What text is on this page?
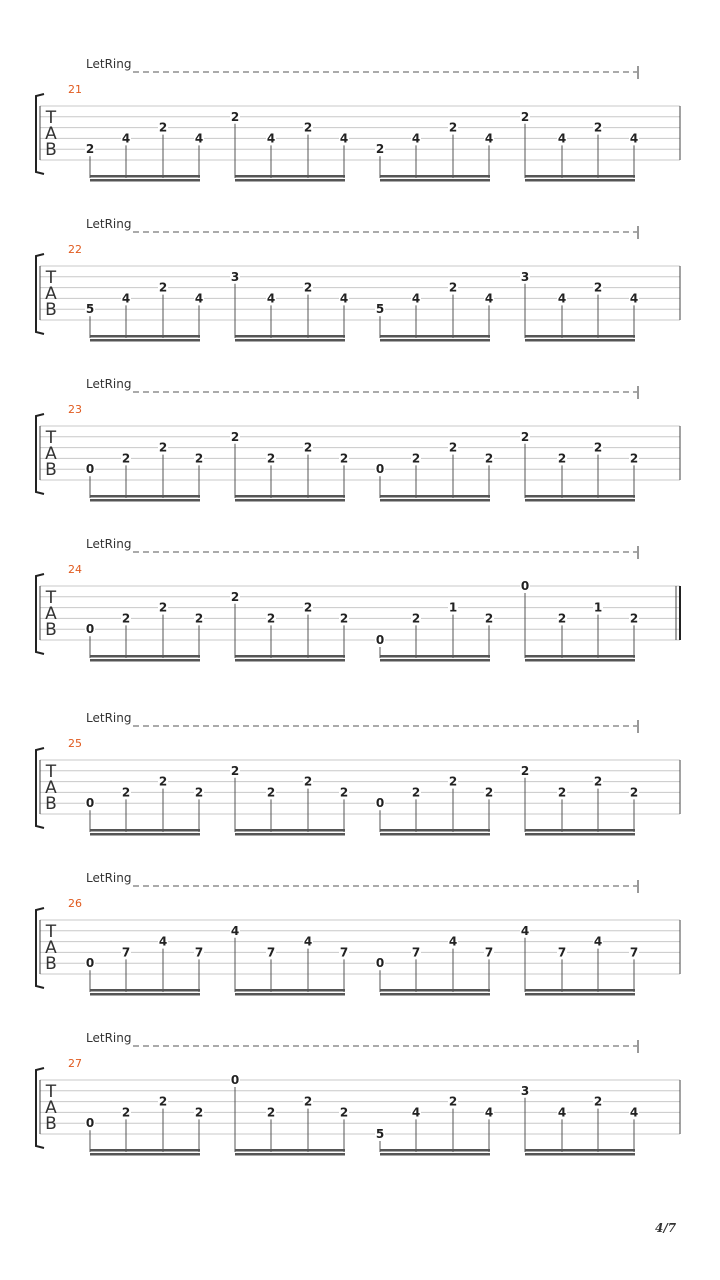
LetRing
21
T
A
B 2
4
2
4
2
4
2
4
2
4
2
4
2
4
2
4
LetRing
22
T
A
B 5
4
2
4
3
4
2
4
5
4
2
4
3
4
2
4
LetRing
23
T
A
B 0
2
2
2
2
2
2
2
0
2
2
2
2
2
2
2
LetRing
24
T
A
B 0
2
2
2
2
2
2
2
0
2
1
2
0
2
1
2
LetRing
25
T
A
B 0
2
2
2
2
2
2
2
0
2
2
2
2
2
2
2
LetRing
26
T
A
B 0
7
4
7
4
7
4
7
0
7
4
7
4
7
4
7
LetRing
27
T
A
B 0
2
2
2
0
2
2
2
5
4
2
4
3
4
2
4
4/7
